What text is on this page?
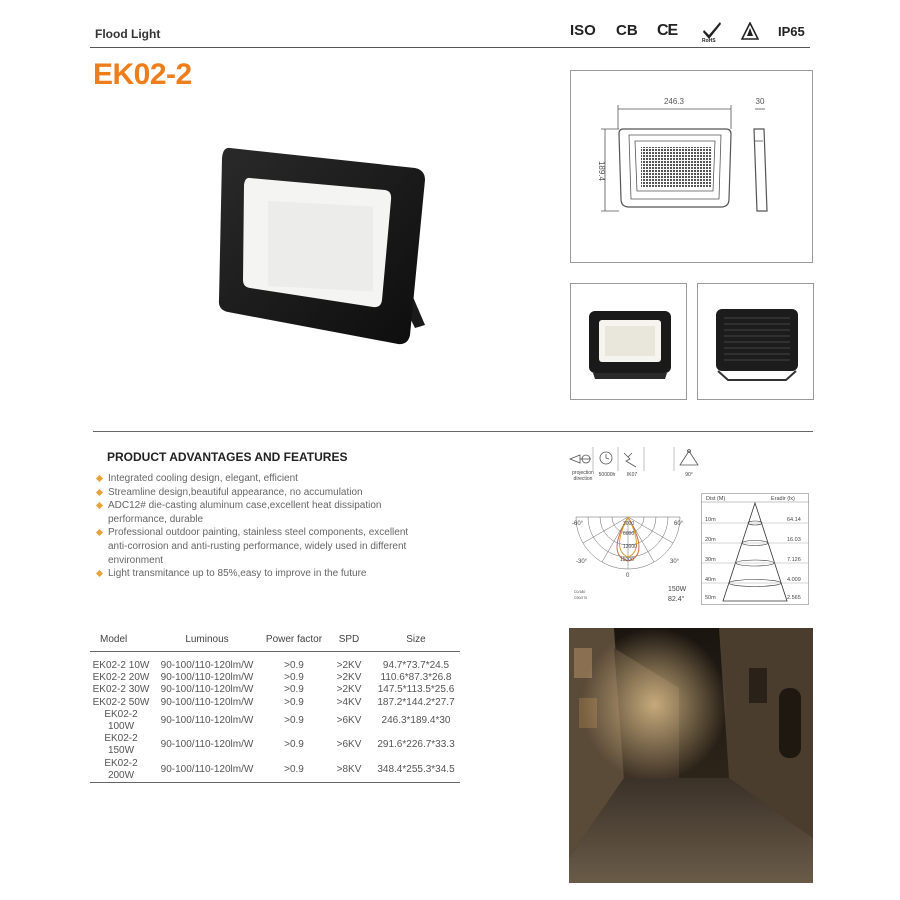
Flood Light
EK02-2
ISO CB CE
RoHS
IP65
246.3	30
189.4
PRODUCT ADVANTAGES AND FEATURES
Integrated cooling design, elegant, efficient
Streamline design,beautiful appearance, no accumulation
ADC12# die-casting aluminum case,excellent heat dissipation performance, durable
Professional outdoor painting, stainless steel components, excellent anti-corrosion and anti-rusting performance, widely used in different environment
Light transmitance up to 85%,easy to improve in the future
projection direction
50000h	IK07	90°
-60°	60°
-30°	30°
0
3000
6000
12000
15000
C0/180
C90/270
150W
82.4°
Dist (M)	Eradir (lx)
10m	64.14
20m	16.03
30m	7.126
40m	4.009
50m	2.565
Model	Luminous	Power factor	SPD	Size
EK02-2 10W	90-100/110-120lm/W	>0.9	>2KV	94.7*73.7*24.5
EK02-2 20W	90-100/110-120lm/W	>0.9	>2KV	110.6*87.3*26.8
EK02-2 30W	90-100/110-120lm/W	>0.9	>2KV	147.5*113.5*25.6
EK02-2 50W	90-100/110-120lm/W	>0.9	>4KV	187.2*144.2*27.7
EK02-2 100W	90-100/110-120lm/W	>0.9	>6KV	246.3*189.4*30
EK02-2 150W	90-100/110-120lm/W	>0.9	>6KV	291.6*226.7*33.3
EK02-2 200W	90-100/110-120lm/W	>0.9	>8KV	348.4*255.3*34.5
